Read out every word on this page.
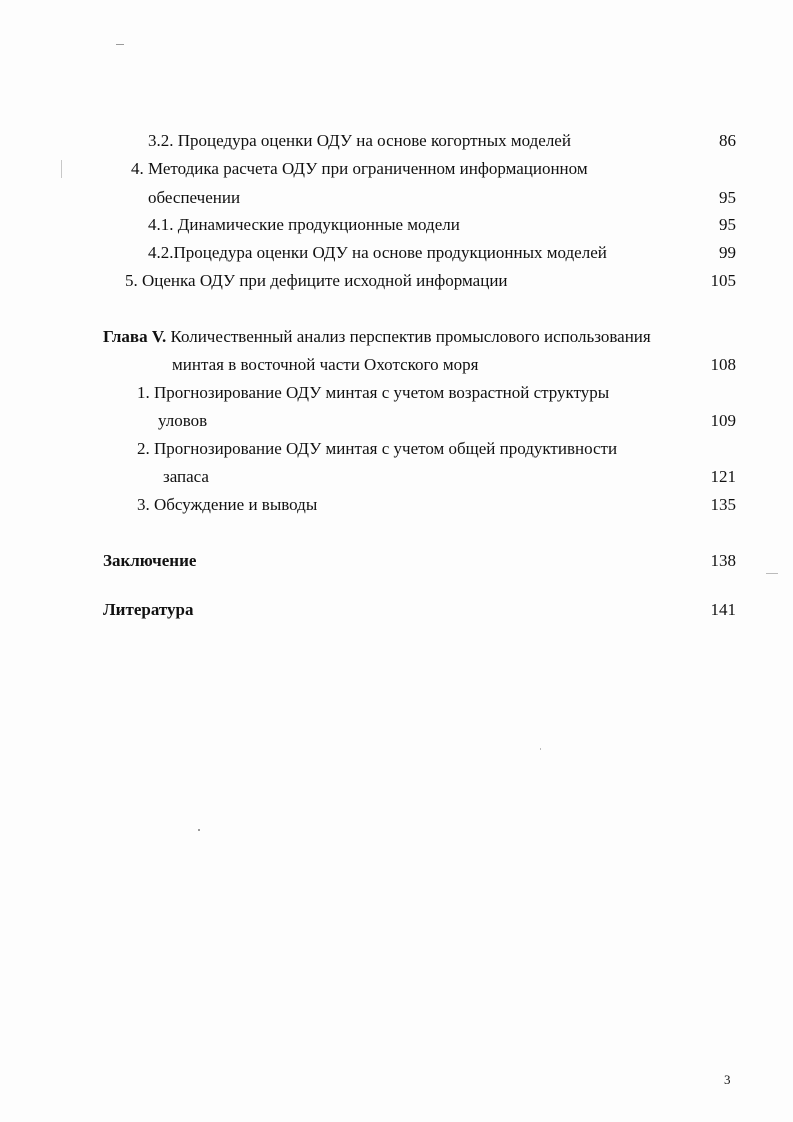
3.2. Процедура оценки ОДУ на основе когортных моделей	86
4. Методика расчета ОДУ при ограниченном информационном
обеспечении	95
4.1. Динамические продукционные модели	95
4.2.Процедура оценки ОДУ на основе продукционных моделей	99
5. Оценка ОДУ при дефиците исходной информации	105
Глава V. Количественный анализ перспектив промыслового использования
минтая в восточной части Охотского моря	108
1. Прогнозирование ОДУ минтая с учетом возрастной структуры
уловов	109
2. Прогнозирование ОДУ минтая с учетом общей продуктивности
запаса	121
3. Обсуждение и выводы	135
Заключение	138
Литература	141
3
